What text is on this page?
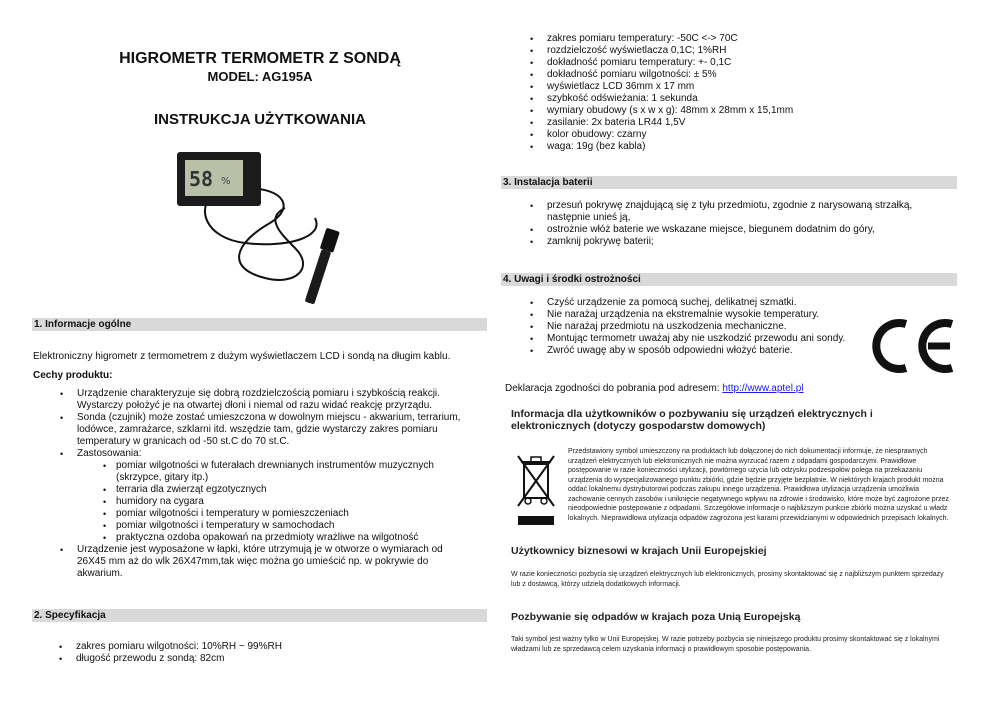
HIGROMETR TERMOMETR Z SONDĄ
MODEL: AG195A
INSTRUKCJA UŻYTKOWANIA
58 %
1. Informacje ogólne
Elektroniczny higrometr z termometrem z dużym wyświetlaczem LCD i sondą na długim kablu.
Cechy produktu:
• Urządzenie charakteryzuje się dobrą rozdzielczością pomiaru i szybkością reakcji. Wystarczy położyć je na otwartej dłoni i niemal od razu widać reakcję przyrządu.
• Sonda (czujnik) może zostać umieszczona w dowolnym miejscu - akwarium, terrarium, lodówce, zamrażarce, szklarni itd. wszędzie tam, gdzie wystarczy zakres pomiaru temperatury w granicach od -50 st.C do 70 st.C.
• Zastosowania:
• pomiar wilgotności w futerałach drewnianych instrumentów muzycznych (skrzypce, gitary itp.)
• terraria dla zwierząt egzotycznych
• humidory na cygara
• pomiar wilgotności i temperatury w pomieszczeniach
• pomiar wilgotności i temperatury w samochodach
• praktyczna ozdoba opakowań na przedmioty wrażliwe na wilgotność
• Urządzenie jest wyposażone w łapki, które utrzymują je w otworze o wymiarach od 26X45 mm aż do wlk 26X47mm,tak więc można go umieścić np. w pokrywie do akwarium.
2. Specyfikacja
• zakres pomiaru wilgotności: 10%RH ~ 99%RH
• długość przewodu z sondą: 82cm
• zakres pomiaru temperatury: -50C <-> 70C
• rozdzielczość wyświetlacza 0,1C; 1%RH
• dokładność pomiaru temperatury: +- 0,1C
• dokładność pomiaru wilgotności: ± 5%
• wyświetlacz LCD 36mm x 17 mm
• szybkość odświeżania: 1 sekunda
• wymiary obudowy (s x w x g): 48mm x 28mm x 15,1mm
• zasilanie: 2x bateria LR44 1,5V
• kolor obudowy: czarny
• waga: 19g (bez kabla)
3. Instalacja baterii
• przesuń pokrywę znajdującą się z tyłu przedmiotu, zgodnie z narysowaną strzałką, następnie unieś ją,
• ostrożnie włóż baterie we wskazane miejsce, biegunem dodatnim do góry,
• zamknij pokrywę baterii;
4. Uwagi i środki ostrożności
• Czyść urządzenie za pomocą suchej, delikatnej szmatki.
• Nie narażaj urządzenia na ekstremalnie wysokie temperatury.
• Nie narażaj przedmiotu na uszkodzenia mechaniczne.
• Montując termometr uważaj aby nie uszkodzić przewodu ani sondy.
• Zwróć uwagę aby w sposób odpowiedni włożyć baterie.
Deklaracja zgodności do pobrania pod adresem: http://www.aptel.pl
Informacja dla użytkowników o pozbywaniu się urządzeń elektrycznych i elektronicznych (dotyczy gospodarstw domowych)
Przedstawiony symbol umieszczony na produktach lub dołączonej do nich dokumentacji informuje, że niesprawnych urządzeń elektrycznych lub elektronicznych nie można wyrzucać razem z odpadami gospodarczymi. Prawidłowe postępowanie w razie konieczności utylizacji, powtórnego użycia lub odzysku podzespołów polega na przekazaniu urządzenia do wyspecjalizowanego punktu zbiórki, gdzie będzie przyjęte bezpłatnie. W niektórych krajach produkt można oddać lokalnemu dystrybutorowi podczas zakupu innego urządzenia. Prawidłowa utylizacja urządzenia umożliwia zachowanie cennych zasobów i uniknięcie negatywnego wpływu na zdrowie i środowisko, które może być zagrożone przez nieodpowiednie postępowanie z odpadami. Szczegółowe informacje o najbliższym punkcie zbiórki można uzyskać u władz lokalnych. Nieprawidłowa utylizacja odpadów zagrożona jest karami przewidzianymi w odpowiednich przepisach lokalnych.
Użytkownicy biznesowi w krajach Unii Europejskiej
W razie konieczności pozbycia się urządzeń elektrycznych lub elektronicznych, prosimy skontaktować się z najbliższym punktem sprzedaży lub z dostawcą, którzy udzielą dodatkowych informacji.
Pozbywanie się odpadów w krajach poza Unią Europejską
Taki symbol jest ważny tylko w Unii Europejskej. W razie potrzeby pozbycia się niniejszego produktu prosimy skontaktować się z lokalnymi władzami lub ze sprzedawcą celem uzyskania informacji o prawidłowym sposobie postępowania.
